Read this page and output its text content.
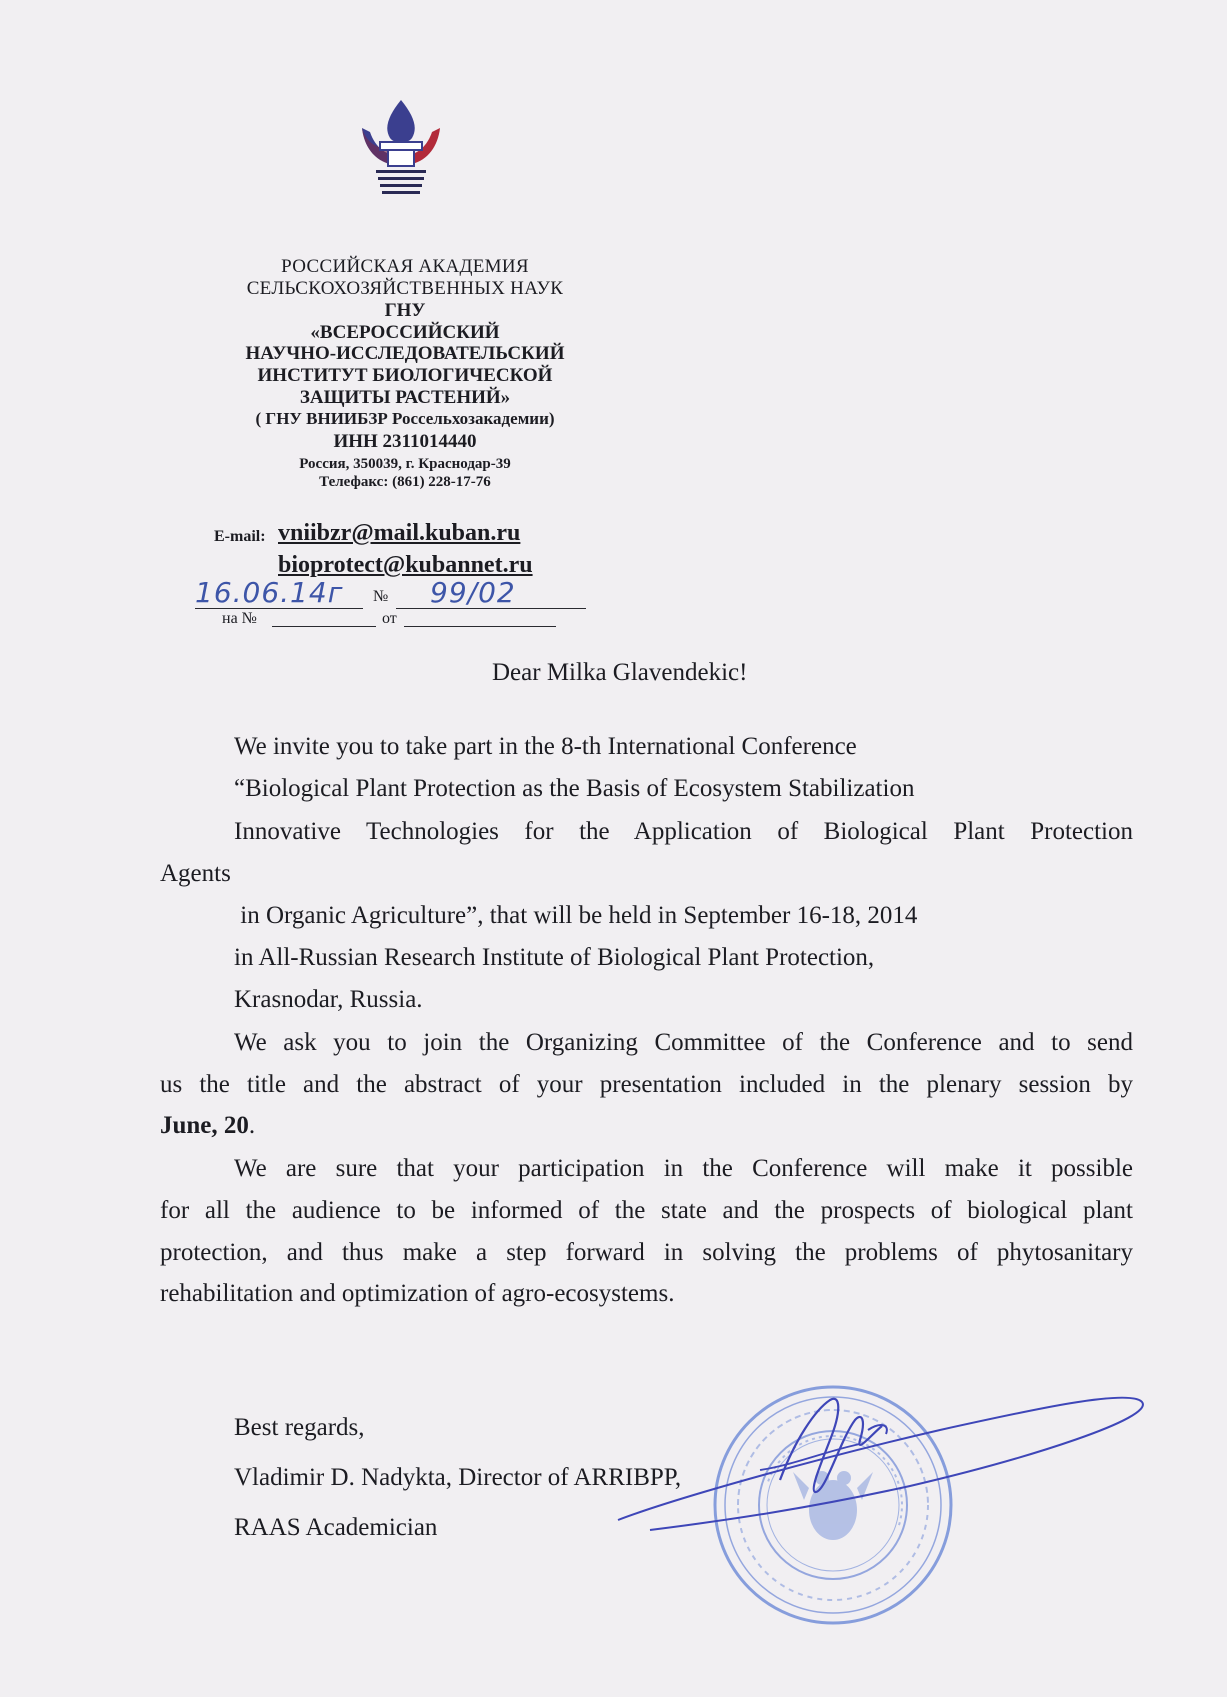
РОССИЙСКАЯ АКАДЕМИЯ
СЕЛЬСКОХОЗЯЙСТВЕННЫХ НАУК
ГНУ
«ВСЕРОССИЙСКИЙ
НАУЧНО-ИССЛЕДОВАТЕЛЬСКИЙ
ИНСТИТУТ БИОЛОГИЧЕСКОЙ
ЗАЩИТЫ РАСТЕНИЙ»
( ГНУ ВНИИБЗР Россельхозакадемии)
ИНН 2311014440
Россия, 350039, г. Краснодар-39
Телефакс: (861) 228-17-76
E-mail: vniibzr@mail.kuban.ru
bioprotect@kubannet.ru
16.06.14г № 99/02
на №	от
Dear Milka Glavendekic!
We invite you to take part in the 8-th International Conference
“Biological Plant Protection as the Basis of Ecosystem Stabilization
Innovative Technologies for the Application of Biological Plant Protection
Agents
in Organic Agriculture”, that will be held in September 16-18, 2014
in All-Russian Research Institute of Biological Plant Protection,
Krasnodar, Russia.
We ask you to join the Organizing Committee of the Conference and to send
us the title and the abstract of your presentation included in the plenary session by
June, 20.
We are sure that your participation in the Conference will make it possible
for all the audience to be informed of the state and the prospects of biological plant
protection, and thus make a step forward in solving the problems of phytosanitary
rehabilitation and optimization of agro-ecosystems.
Best regards,
Vladimir D. Nadykta, Director of ARRIBPP,
RAAS Academician
